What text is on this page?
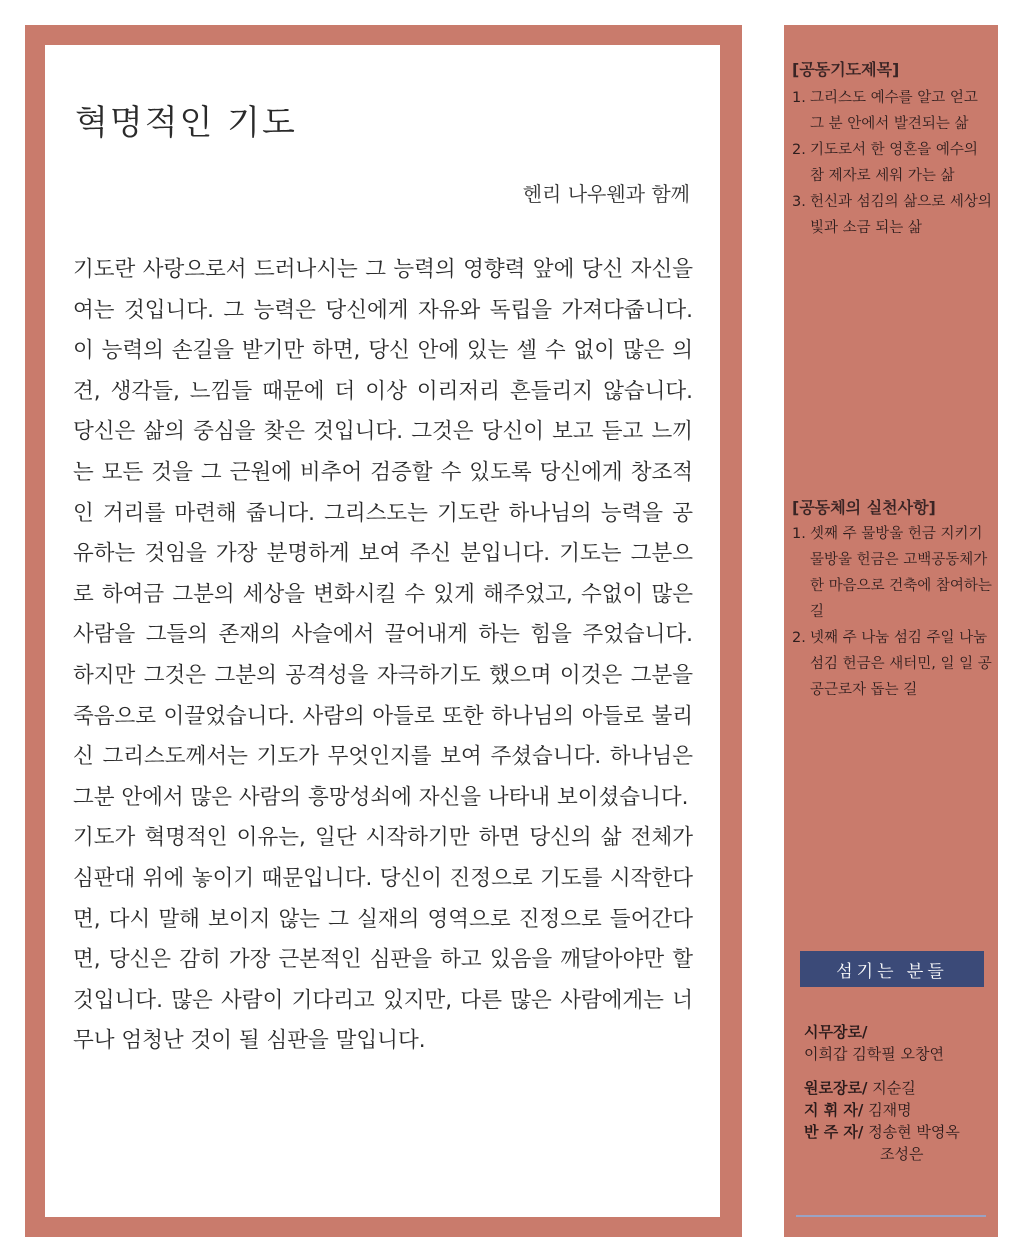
혁명적인 기도
헨리 나우웬과 함께

기도란 사랑으로서 드러나시는 그 능력의 영향력 앞에 당신 자신을 여는 것입니다. 그 능력은 당신에게 자유와 독립을 가져다줍니다. 이 능력의 손길을 받기만 하면, 당신 안에 있는 셀 수 없이 많은 의견, 생각들, 느낌들 때문에 더 이상 이리저리 흔들리지 않습니다. 당신은 삶의 중심을 찾은 것입니다. 그것은 당신이 보고 듣고 느끼는 모든 것을 그 근원에 비추어 검증할 수 있도록 당신에게 창조적인 거리를 마련해 줍니다. 그리스도는 기도란 하나님의 능력을 공유하는 것임을 가장 분명하게 보여 주신 분입니다. 기도는 그분으로 하여금 그분의 세상을 변화시킬 수 있게 해주었고, 수없이 많은 사람을 그들의 존재의 사슬에서 끌어내게 하는 힘을 주었습니다. 하지만 그것은 그분의 공격성을 자극하기도 했으며 이것은 그분을 죽음으로 이끌었습니다. 사람의 아들로 또한 하나님의 아들로 불리신 그리스도께서는 기도가 무엇인지를 보여 주셨습니다. 하나님은 그분 안에서 많은 사람의 흥망성쇠에 자신을 나타내 보이셨습니다.

기도가 혁명적인 이유는, 일단 시작하기만 하면 당신의 삶 전체가 심판대 위에 놓이기 때문입니다. 당신이 진정으로 기도를 시작한다면, 다시 말해 보이지 않는 그 실재의 영역으로 진정으로 들어간다면, 당신은 감히 가장 근본적인 심판을 하고 있음을 깨달아야만 할 것입니다. 많은 사람이 기다리고 있지만, 다른 많은 사람에게는 너무나 엄청난 것이 될 심판을 말입니다.

[공동기도제목]
1. 그리스도 예수를 알고 얻고 그 분 안에서 발견되는 삶
2. 기도로서 한 영혼을 예수의 참 제자로 세워 가는 삶
3. 헌신과 섬김의 삶으로 세상의 빛과 소금 되는 삶
[공동체의 실천사항]
1. 셋째 주 물방울 헌금 지키기 물방울 헌금은 고백공동체가 한 마음으로 건축에 참여하는 길
2. 넷째 주 나눔 섬김 주일 나눔 섬김 헌금은 새터민, 일 일 공공근로자 돕는 길
섬기는 분들
시무장로/
이희갑 김학필 오창연
원로장로/ 지순길
지 휘 자/ 김재명
반 주 자/ 정송현 박영옥
조성은
